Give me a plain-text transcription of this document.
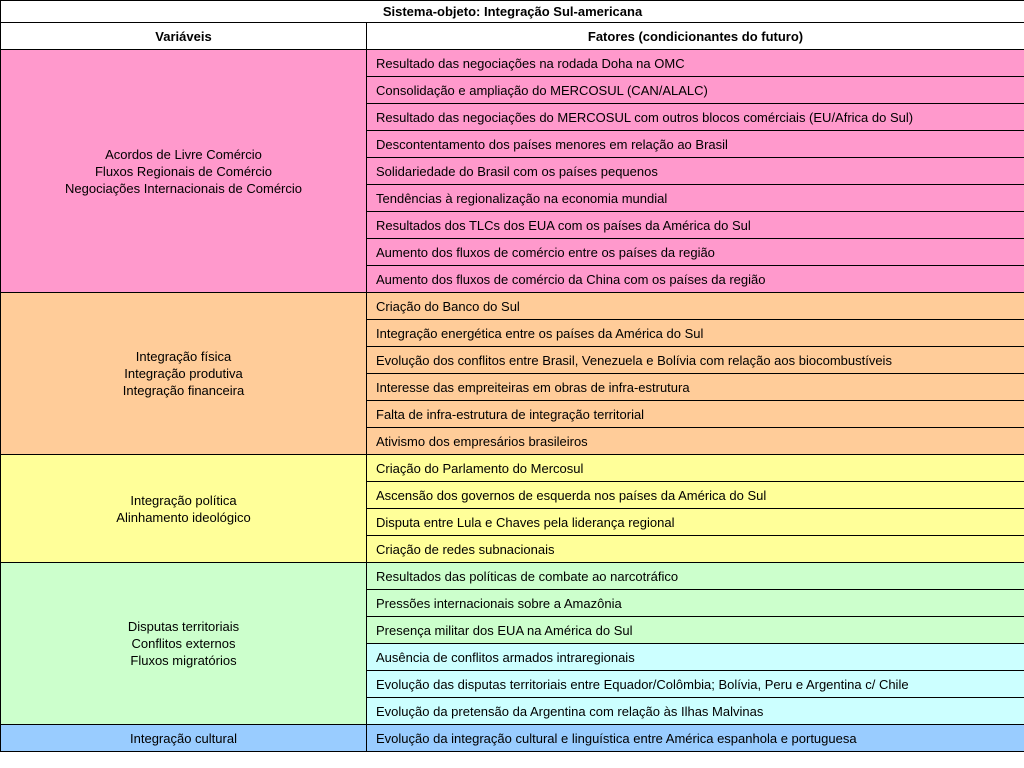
Sistema-objeto: Integração Sul-americana	
Variáveis	Fatores (condicionantes do futuro)

Acordos de Livre Comércio
Fluxos Regionais de Comércio
Negociações Internacionais de Comércio	Resultado das negociações na rodada Doha na OMC
	Consolidação e ampliação do MERCOSUL (CAN/ALALC)
	Resultado das negociações do MERCOSUL com outros blocos comérciais (EU/Africa do Sul)
	Descontentamento dos países menores em relação ao Brasil
	Solidariedade do Brasil com os países pequenos
	Tendências à regionalização na economia mundial
	Resultados dos TLCs dos EUA com os países da América do Sul
	Aumento dos fluxos de comércio entre os países da região
	Aumento dos fluxos de comércio da China com os países da região

Integração física
Integração produtiva
Integração financeira	Criação do Banco do Sul
	Integração energética entre os países da América do Sul
	Evolução dos conflitos entre Brasil, Venezuela e Bolívia com relação aos biocombustíveis
	Interesse das empreiteiras em obras de infra-estrutura
	Falta de infra-estrutura de integração territorial
	Ativismo dos empresários brasileiros

Integração política
Alinhamento ideológico	Criação do Parlamento do Mercosul
	Ascensão dos governos de esquerda nos países da América do Sul
	Disputa entre Lula e Chaves pela liderança regional
	Criação de redes subnacionais

Disputas territoriais
Conflitos externos
Fluxos migratórios	Resultados das políticas de combate ao narcotráfico
	Pressões internacionais sobre a Amazônia
	Presença militar dos EUA na América do Sul
	Ausência de conflitos armados intraregionais
	Evolução das disputas territoriais entre Equador/Colômbia; Bolívia, Peru e Argentina c/ Chile
	Evolução da pretensão da Argentina com relação às Ilhas Malvinas

Integração cultural	Evolução da integração cultural e linguística entre América espanhola e portuguesa
